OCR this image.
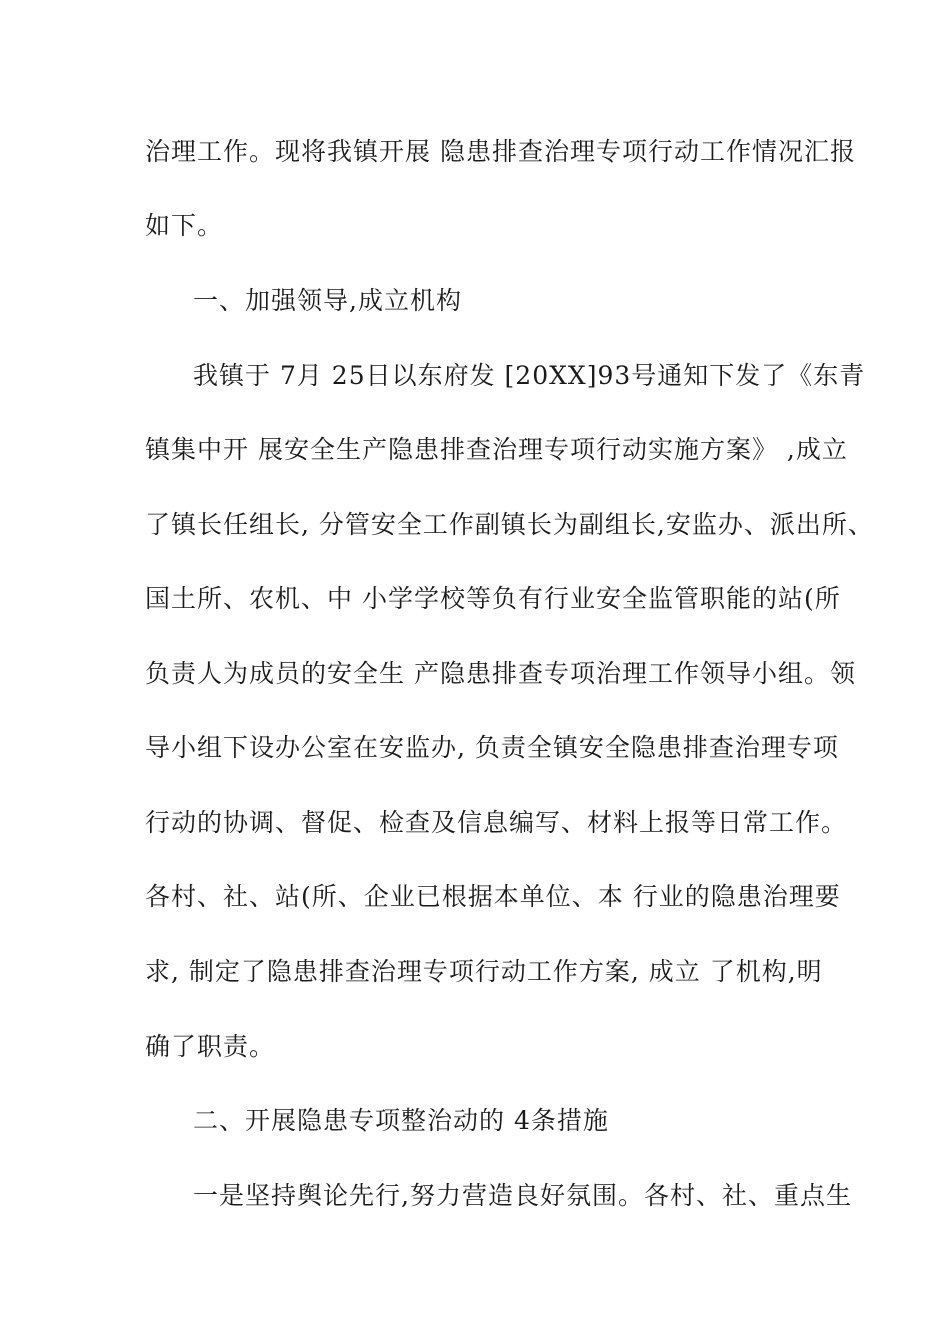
治理工作。现将我镇开展 隐患排查治理专项行动工作情况汇报
如下。
一、加强领导,成立机构
我镇于 7月 25日以东府发 [20XX]93号通知下发了《东青
镇集中开 展安全生产隐患排查治理专项行动实施方案》 ,成立
了镇长任组长, 分管安全工作副镇长为副组长,安监办、派出所、
国土所、农机、中 小学学校等负有行业安全监管职能的站(所
负责人为成员的安全生 产隐患排查专项治理工作领导小组。领
导小组下设办公室在安监办, 负责全镇安全隐患排查治理专项
行动的协调、督促、检查及信息编写、材料上报等日常工作。
各村、社、站(所、企业已根据本单位、本 行业的隐患治理要
求, 制定了隐患排查治理专项行动工作方案, 成立 了机构,明
确了职责。
二、开展隐患专项整治动的 4条措施
一是坚持舆论先行,努力营造良好氛围。各村、社、重点生
